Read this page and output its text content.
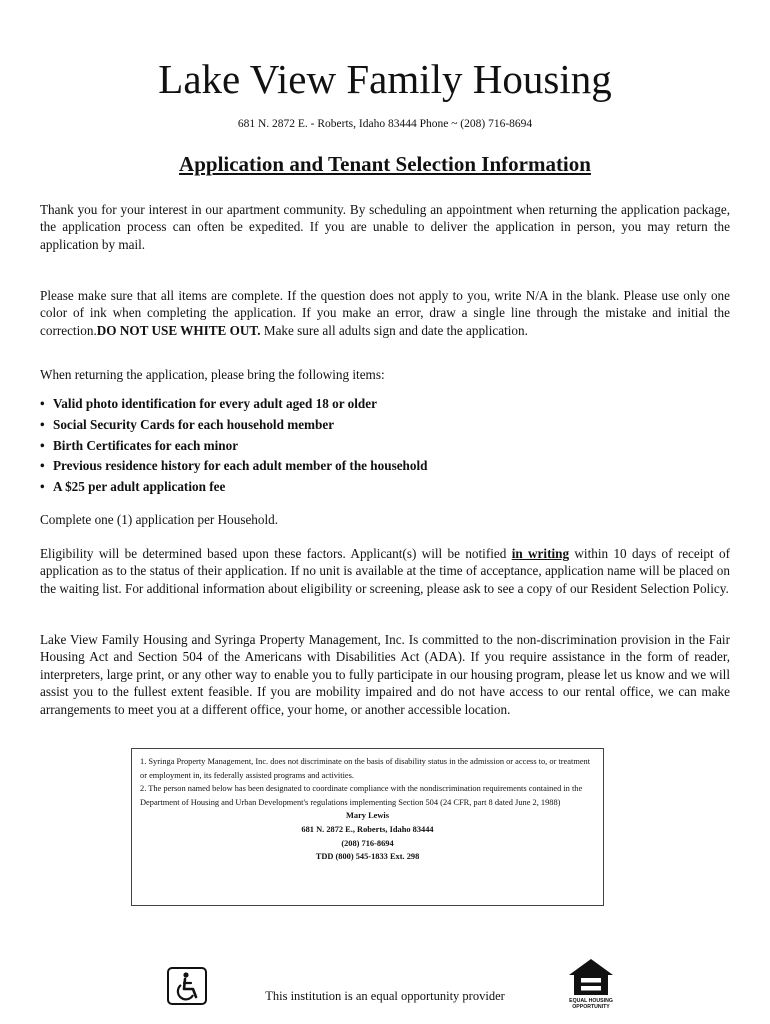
Lake View Family Housing
681 N. 2872 E. - Roberts, Idaho 83444 Phone ~ (208) 716-8694
Application and Tenant Selection Information
Thank you for your interest in our apartment community. By scheduling an appointment when returning the application package, the application process can often be expedited. If you are unable to deliver the application in person, you may return the application by mail.
Please make sure that all items are complete. If the question does not apply to you, write N/A in the blank. Please use only one color of ink when completing the application. If you make an error, draw a single line through the mistake and initial the correction.DO NOT USE WHITE OUT. Make sure all adults sign and date the application.
When returning the application, please bring the following items:
• Valid photo identification for every adult aged 18 or older
• Social Security Cards for each household member
• Birth Certificates for each minor
• Previous residence history for each adult member of the household
• A $25 per adult application fee
Complete one (1) application per Household.
Eligibility will be determined based upon these factors. Applicant(s) will be notified in writing within 10 days of receipt of application as to the status of their application. If no unit is available at the time of acceptance, application name will be placed on the waiting list. For additional information about eligibility or screening, please ask to see a copy of our Resident Selection Policy.
Lake View Family Housing and Syringa Property Management, Inc. Is committed to the non-discrimination provision in the Fair Housing Act and Section 504 of the Americans with Disabilities Act (ADA). If you require assistance in the form of reader, interpreters, large print, or any other way to enable you to fully participate in our housing program, please let us know and we will assist you to the fullest extent feasible. If you are mobility impaired and do not have access to our rental office, we can make arrangements to meet you at a different office, your home, or another accessible location.
1. Syringa Property Management, Inc. does not discriminate on the basis of disability status in the admission or access to, or treatment or employment in, its federally assisted programs and activities.
2. The person named below has been designated to coordinate compliance with the nondiscrimination requirements contained in the Department of Housing and Urban Development's regulations implementing Section 504 (24 CFR, part 8 dated June 2, 1988)
Mary Lewis
681 N. 2872 E., Roberts, Idaho 83444
(208) 716-8694
TDD (800) 545-1833 Ext. 298
This institution is an equal opportunity provider	EQUAL HOUSING
OPPORTUNITY
